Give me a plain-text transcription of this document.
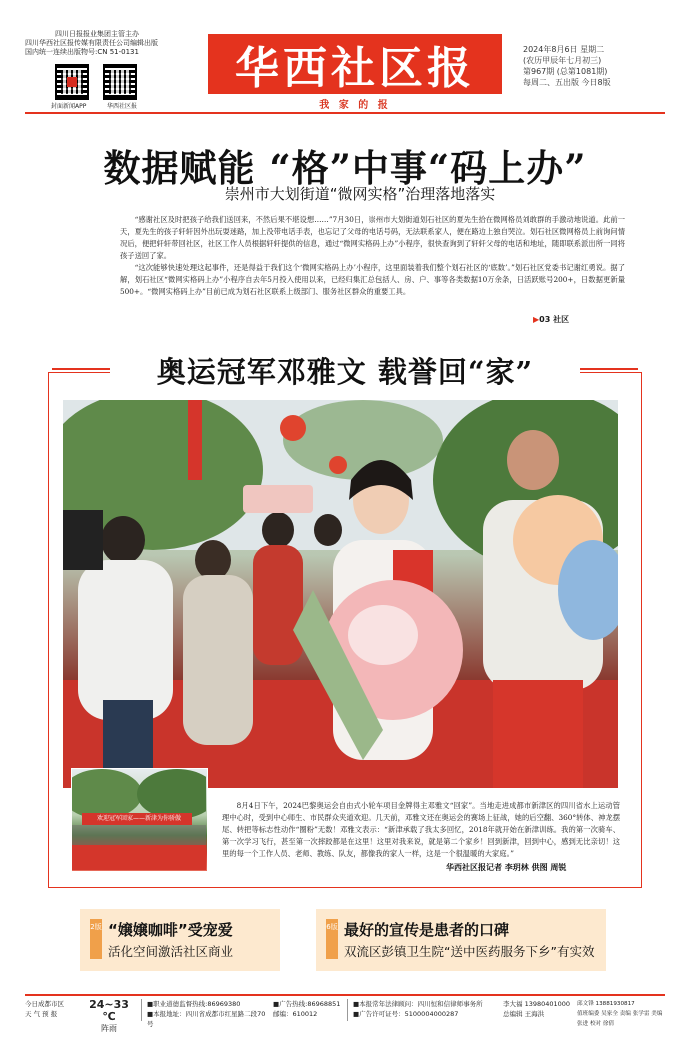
四川日报报业集团主管主办
四川华西社区报传媒有限责任公司编辑出版
国内统一连续出版物号:CN 51-0131
封面新闻APP	华西社区报
华西社区报
我 家 的 报
2024年8月6日 星期二
(农历甲辰年七月初三)
第967期 (总第1081期)
每周二、五出版 今日8版
数据赋能 “格”中事“码上办”
崇州市大划街道“微网实格”治理落地落实

“感谢社区及时把孩子给我们送回来，不然后果不堪设想……”7月30日，崇州市大划街道划石社区的夏先生拾在微网格员刘敢群的手激动地说道。此前一天，夏先生的孩子轩轩因外出玩耍迷路，加上没带电话手表，也忘记了父母的电话号码，无法联系家人，便在路边上独自哭泣。划石社区微网格员上前询问情况后，便把轩轩带回社区，社区工作人员根据轩轩提供的信息，通过“微网实格码上办”小程序，很快查询到了轩轩父母的电话和地址，随即联系派出所一同将孩子送回了家。

“这次能够快速处理这起事件，还是得益于我们这个‘微网实格码上办’小程序，这里面装着我们整个划石社区的‘底数’。”划石社区党委书记谢红勇说。据了解，划石社区“微网实格码上办”小程序自去年5月投入使用以来，已经归集汇总包括人、房、户、事等各类数据10万余条，日活跃账号200+，日数据更新量500+。“微网实格码上办”目前已成为划石社区联系上级部门、服务社区群众的重要工具。

▶03 社区
奥运冠军邓雅文 载誉回“家”
欢迎冠军回家——新津为你骄傲

8月4日下午，2024巴黎奥运会自由式小轮车项目金牌得主邓雅文“回家”。当地走进成都市新津区的四川省水上运动管理中心时，受到中心师生、市民群众夹道欢迎。几天前，邓雅文还在奥运会的赛场上征战，她的后空翻、360°转体、神龙摆尾、转把等标志性动作“圈粉”无数！邓雅文表示：“新津承载了我太多回忆，2018年就开始在新津训练。我的第一次骑车、第一次学习飞行，甚至第一次摔跤都是在这里！这里对我来说，就是第二个家乡！回到新津，回到中心，感到无比亲切！这里的每一个工作人员、老师、教练、队友，都像我的家人一样，这是一个很温暖的大家庭。”

华西社区报记者 李玥林 供图 周锐
2版 “嬢嬢咖啡”受宠爱
活化空间激活社区商业
6版 最好的宣传是患者的口碑
双流区彭镇卫生院“送中医药服务下乡”有实效
今日成都市区
天 气 预 报
24~33 ℃
阵雨
■职业道德监督热线:86969380
■本报地址：四川省成都市红星路二段70号
■广告热线:86968851
邮编：610012
■本报常年法律顾问：四川恒和信律师事务所
■广告许可证号：5100004000287
李大福 13980401000
总编辑 王海洪
邱文锋 13881930817
值班编委 吴家全 责编 张学雷 美编 张进 校对 徐倩
